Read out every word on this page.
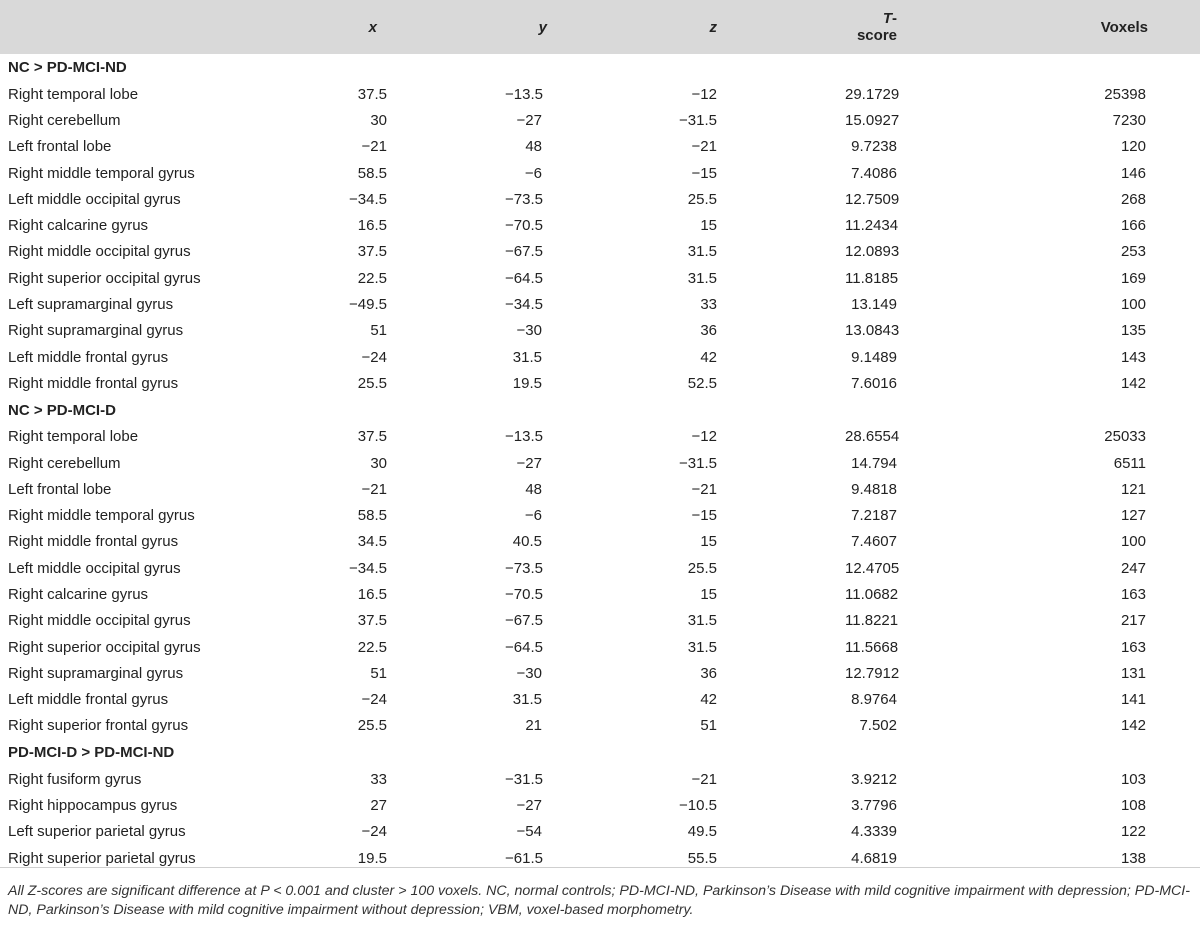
	x	y	z	T-score	Voxels
NC > PD-MCI-ND					
Right temporal lobe	37.5	−13.5	−12	29.1729	25398
Right cerebellum	30	−27	−31.5	15.0927	7230
Left frontal lobe	−21	48	−21	9.7238	120
Right middle temporal gyrus	58.5	−6	−15	7.4086	146
Left middle occipital gyrus	−34.5	−73.5	25.5	12.7509	268
Right calcarine gyrus	16.5	−70.5	15	11.2434	166
Right middle occipital gyrus	37.5	−67.5	31.5	12.0893	253
Right superior occipital gyrus	22.5	−64.5	31.5	11.8185	169
Left supramarginal gyrus	−49.5	−34.5	33	13.149	100
Right supramarginal gyrus	51	−30	36	13.0843	135
Left middle frontal gyrus	−24	31.5	42	9.1489	143
Right middle frontal gyrus	25.5	19.5	52.5	7.6016	142
NC > PD-MCI-D					
Right temporal lobe	37.5	−13.5	−12	28.6554	25033
Right cerebellum	30	−27	−31.5	14.794	6511
Left frontal lobe	−21	48	−21	9.4818	121
Right middle temporal gyrus	58.5	−6	−15	7.2187	127
Right middle frontal gyrus	34.5	40.5	15	7.4607	100
Left middle occipital gyrus	−34.5	−73.5	25.5	12.4705	247
Right calcarine gyrus	16.5	−70.5	15	11.0682	163
Right middle occipital gyrus	37.5	−67.5	31.5	11.8221	217
Right superior occipital gyrus	22.5	−64.5	31.5	11.5668	163
Right supramarginal gyrus	51	−30	36	12.7912	131
Left middle frontal gyrus	−24	31.5	42	8.9764	141
Right superior frontal gyrus	25.5	21	51	7.502	142
PD-MCI-D > PD-MCI-ND					
Right fusiform gyrus	33	−31.5	−21	3.9212	103
Right hippocampus gyrus	27	−27	−10.5	3.7796	108
Left superior parietal gyrus	−24	−54	49.5	4.3339	122
Right superior parietal gyrus	19.5	−61.5	55.5	4.6819	138
All Z-scores are significant difference at P < 0.001 and cluster > 100 voxels. NC, normal controls; PD-MCI-ND, Parkinson’s Disease with mild cognitive impairment with depression; PD-MCI-ND, Parkinson’s Disease with mild cognitive impairment without depression; VBM, voxel-based morphometry.
